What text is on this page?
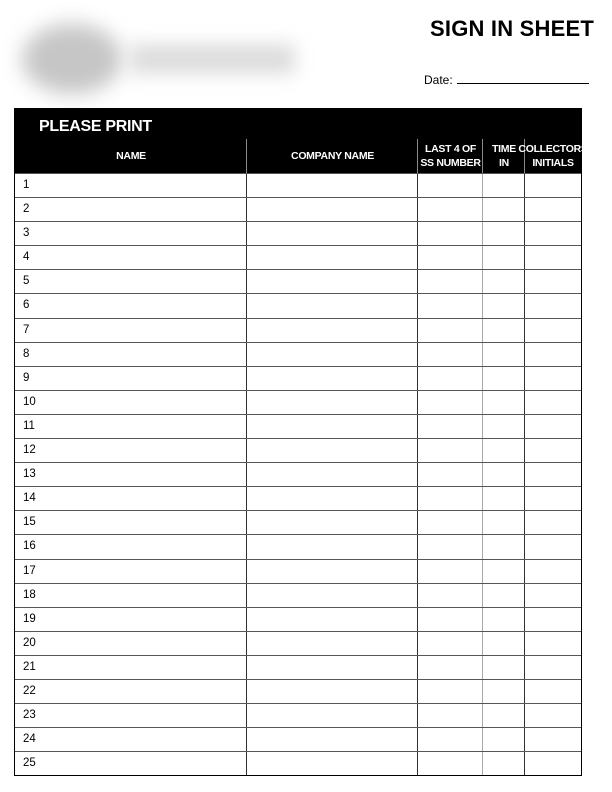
SIGN IN SHEET
Date:
PLEASE PRINT
NAME	COMPANY NAME
LAST 4 OF
SS NUMBER
TIME
IN
COLLECTORS
INITIALS
1
2
3
4
5
6
7
8
9
10
11
12
13
14
15
16
17
18
19
20
21
22
23
24
25
